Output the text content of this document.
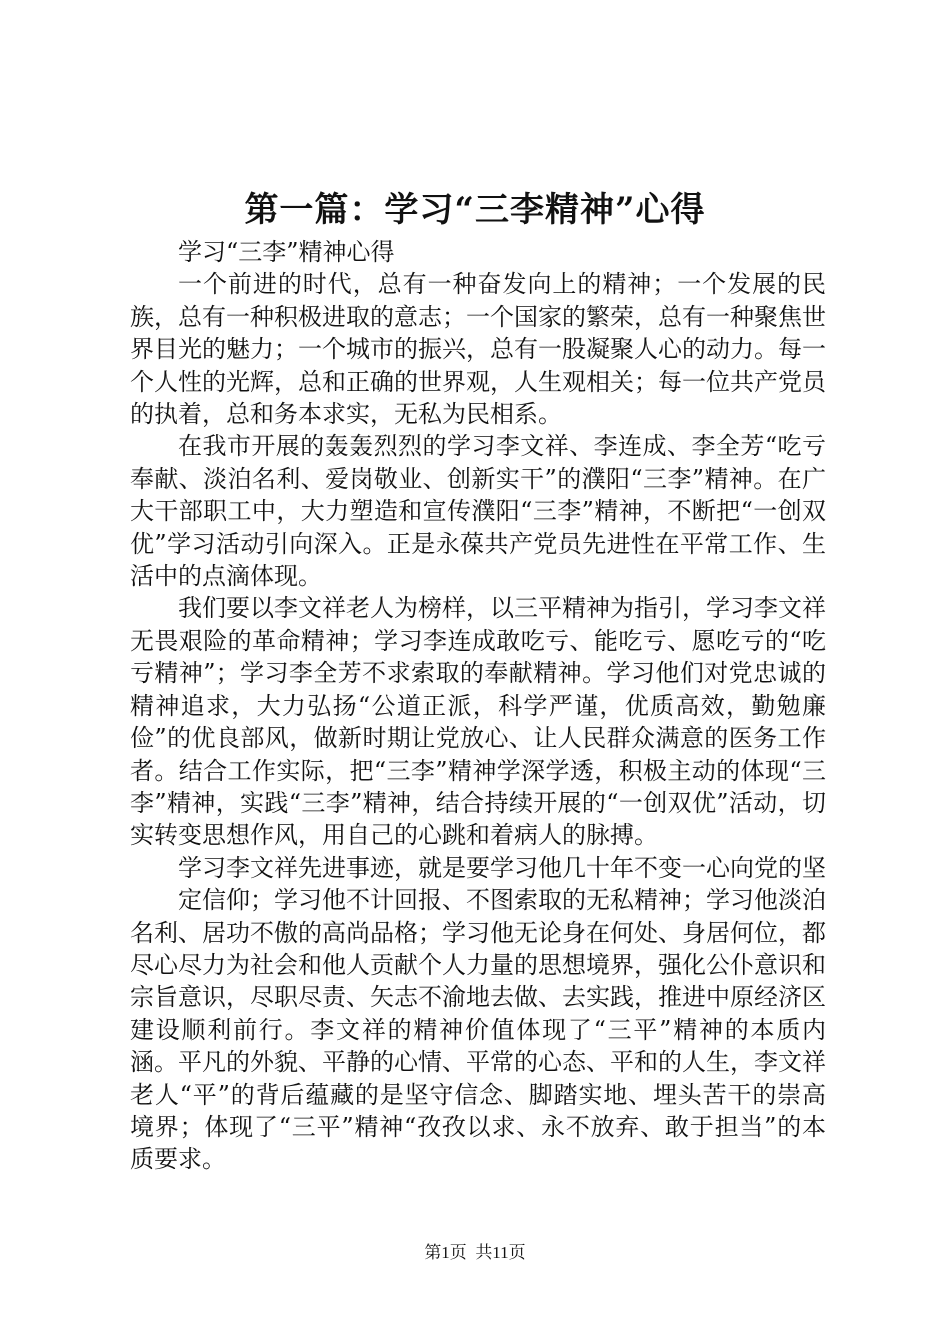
第一篇：学习“三李精神”心得

学习“三李”精神心得

一个前进的时代，总有一种奋发向上的精神；一个发展的民族，总有一种积极进取的意志；一个国家的繁荣，总有一种聚焦世界目光的魅力；一个城市的振兴，总有一股凝聚人心的动力。每一个人性的光辉，总和正确的世界观，人生观相关；每一位共产党员的执着，总和务本求实，无私为民相系。

在我市开展的轰轰烈烈的学习李文祥、李连成、李全芳“吃亏奉献、淡泊名利、爱岗敬业、创新实干”的濮阳“三李”精神。在广大干部职工中，大力塑造和宣传濮阳“三李”精神，不断把“一创双优”学习活动引向深入。正是永葆共产党员先进性在平常工作、生活中的点滴体现。

我们要以李文祥老人为榜样，以三平精神为指引，学习李文祥无畏艰险的革命精神；学习李连成敢吃亏、能吃亏、愿吃亏的“吃亏精神”；学习李全芳不求索取的奉献精神。学习他们对党忠诚的精神追求，大力弘扬“公道正派，科学严谨，优质高效，勤勉廉俭”的优良部风，做新时期让党放心、让人民群众满意的医务工作者。结合工作实际，把“三李”精神学深学透，积极主动的体现“三李”精神，实践“三李”精神，结合持续开展的“一创双优”活动，切实转变思想作风，用自己的心跳和着病人的脉搏。

学习李文祥先进事迹，就是要学习他几十年不变一心向党的坚

定信仰；学习他不计回报、不图索取的无私精神；学习他淡泊名利、居功不傲的高尚品格；学习他无论身在何处、身居何位，都尽心尽力为社会和他人贡献个人力量的思想境界，强化公仆意识和宗旨意识，尽职尽责、矢志不渝地去做、去实践，推进中原经济区建设顺利前行。李文祥的精神价值体现了“三平”精神的本质内涵。平凡的外貌、平静的心情、平常的心态、平和的人生，李文祥老人“平”的背后蕴藏的是坚守信念、脚踏实地、埋头苦干的崇高境界；体现了“三平”精神“孜孜以求、永不放弃、敢于担当”的本质要求。

第1页 共11页
